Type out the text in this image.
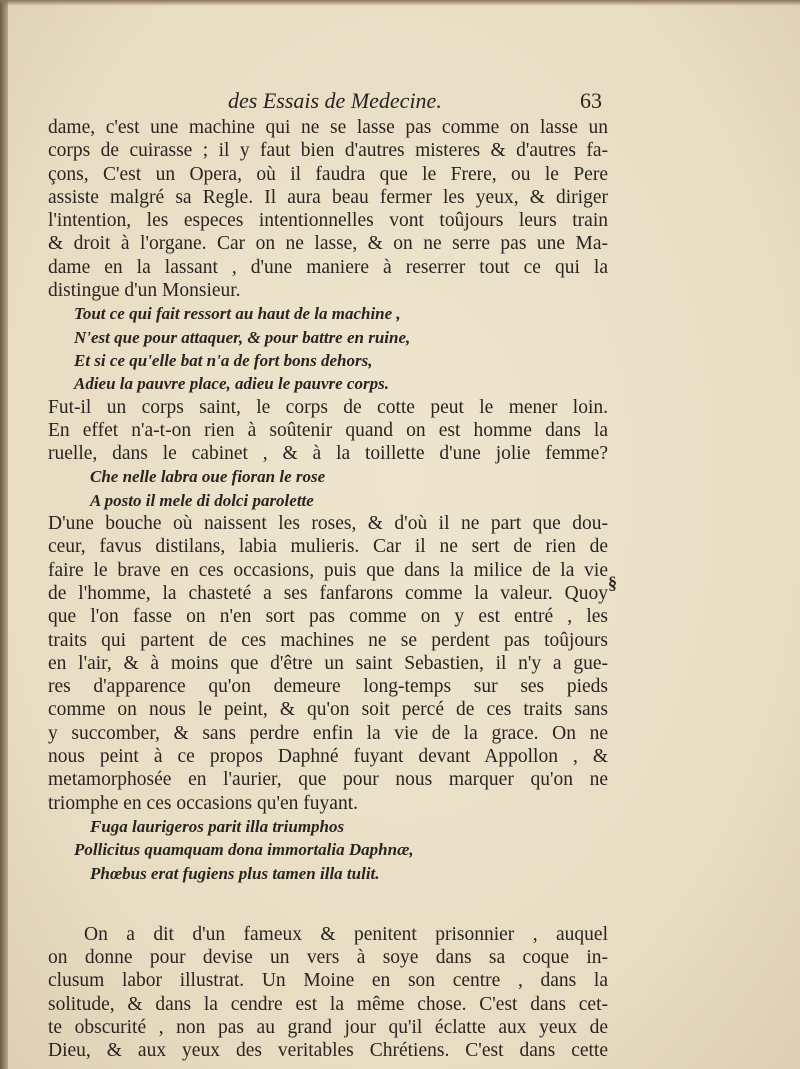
des Essais de Medecine.	63
§
dame, c'est une machine qui ne se lasse pas comme on lasse un
corps de cuirasse ; il y faut bien d'autres misteres & d'autres fa-
çons, C'est un Opera, où il faudra que le Frere, ou le Pere
assiste malgré sa Regle. Il aura beau fermer les yeux, & diriger
l'intention, les especes intentionnelles vont toûjours leurs train
& droit à l'organe. Car on ne lasse, & on ne serre pas une Ma-
dame en la lassant , d'une maniere à reserrer tout ce qui la
distingue d'un Monsieur.
Tout ce qui fait ressort au haut de la machine ,
N'est que pour attaquer, & pour battre en ruine,
Et si ce qu'elle bat n'a de fort bons dehors,
Adieu la pauvre place, adieu le pauvre corps.
Fut-il un corps saint, le corps de cotte peut le mener loin.
En effet n'a-t-on rien à soûtenir quand on est homme dans la
ruelle, dans le cabinet , & à la toillette d'une jolie femme?
Che nelle labra oue fioran le rose
A posto il mele di dolci parolette
D'une bouche où naissent les roses, & d'où il ne part que dou-
ceur, favus distilans, labia mulieris. Car il ne sert de rien de
faire le brave en ces occasions, puis que dans la milice de la vie
de l'homme, la chasteté a ses fanfarons comme la valeur. Quoy
que l'on fasse on n'en sort pas comme on y est entré , les
traits qui partent de ces machines ne se perdent pas toûjours
en l'air, & à moins que d'être un saint Sebastien, il n'y a gue-
res d'apparence qu'on demeure long-temps sur ses pieds
comme on nous le peint, & qu'on soit percé de ces traits sans
y succomber, & sans perdre enfin la vie de la grace. On ne
nous peint à ce propos Daphné fuyant devant Appollon , &
metamorphosée en l'aurier, que pour nous marquer qu'on ne
triomphe en ces occasions qu'en fuyant.
Fuga laurigeros parit illa triumphos
Pollicitus quamquam dona immortalia Daphnæ,
Phœbus erat fugiens plus tamen illa tulit.
On a dit d'un fameux & penitent prisonnier , auquel
on donne pour devise un vers à soye dans sa coque in-
clusum labor illustrat. Un Moine en son centre , dans la
solitude, & dans la cendre est la même chose. C'est dans cet-
te obscurité , non pas au grand jour qu'il éclatte aux yeux de
Dieu, & aux yeux des veritables Chrétiens. C'est dans cette
